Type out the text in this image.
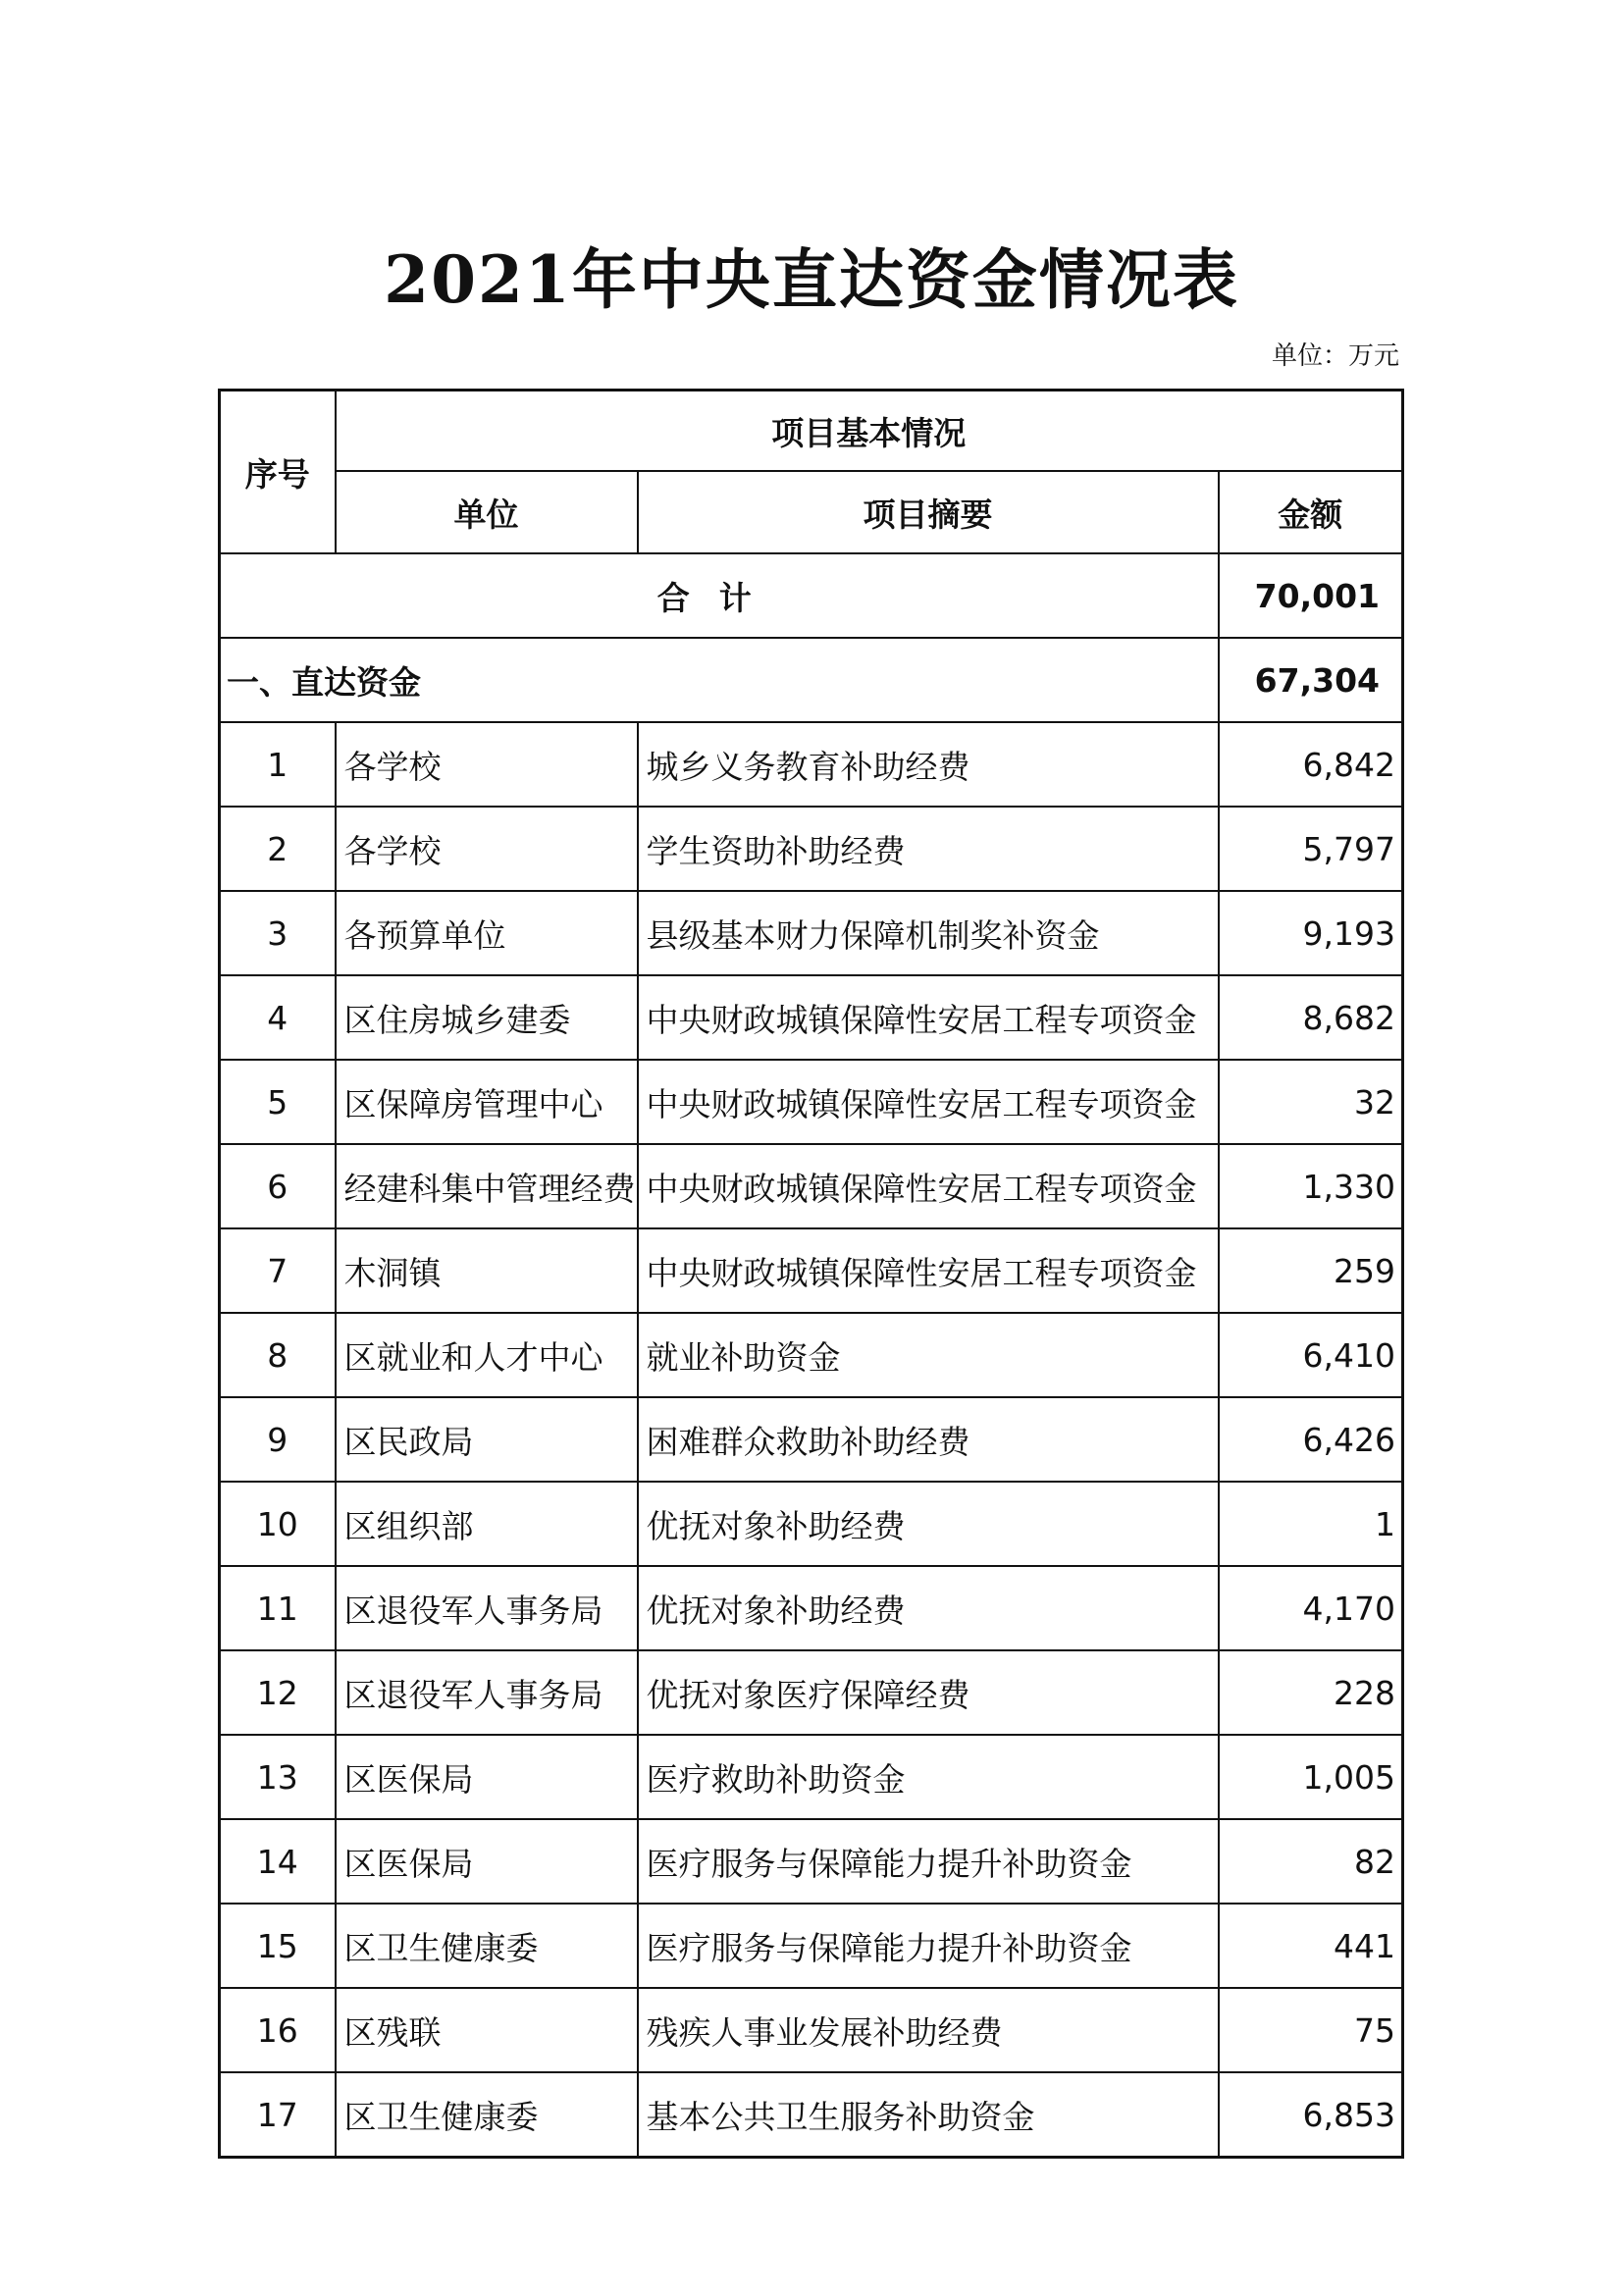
2021年中央直达资金情况表
单位：万元
序号	项目基本情况		
	单位	项目摘要	金额
合计			70,001
一、直达资金			67,304
1	各学校	城乡义务教育补助经费	6,842
2	各学校	学生资助补助经费	5,797
3	各预算单位	县级基本财力保障机制奖补资金	9,193
4	区住房城乡建委	中央财政城镇保障性安居工程专项资金	8,682
5	区保障房管理中心	中央财政城镇保障性安居工程专项资金	32
6	经建科集中管理经费	中央财政城镇保障性安居工程专项资金	1,330
7	木洞镇	中央财政城镇保障性安居工程专项资金	259
8	区就业和人才中心	就业补助资金	6,410
9	区民政局	困难群众救助补助经费	6,426
10	区组织部	优抚对象补助经费	1
11	区退役军人事务局	优抚对象补助经费	4,170
12	区退役军人事务局	优抚对象医疗保障经费	228
13	区医保局	医疗救助补助资金	1,005
14	区医保局	医疗服务与保障能力提升补助资金	82
15	区卫生健康委	医疗服务与保障能力提升补助资金	441
16	区残联	残疾人事业发展补助经费	75
17	区卫生健康委	基本公共卫生服务补助资金	6,853
